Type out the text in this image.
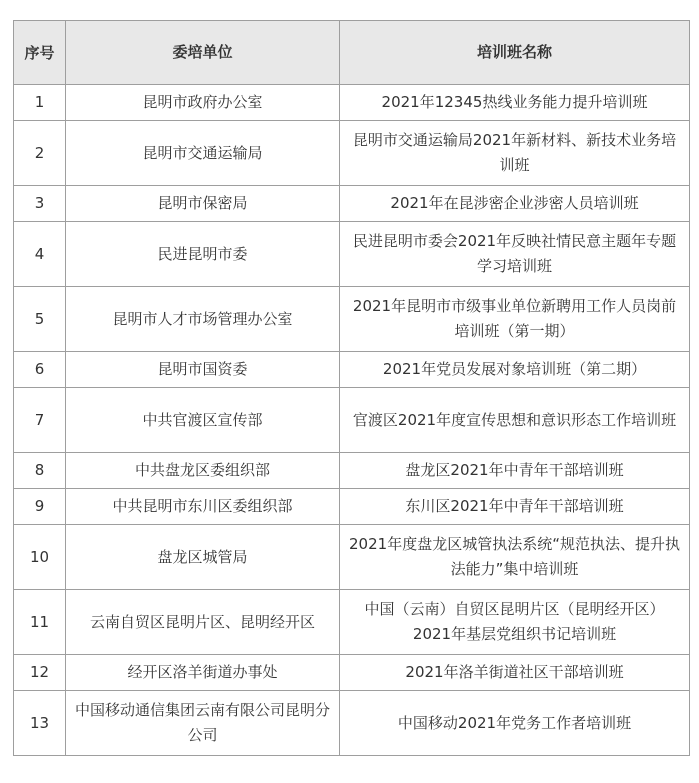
序号	委培单位	培训班名称
1	昆明市政府办公室	2021年12345热线业务能力提升培训班
2	昆明市交通运输局	昆明市交通运输局2021年新材料、新技术业务培训班
3	昆明市保密局	2021年在昆涉密企业涉密人员培训班
4	民进昆明市委	民进昆明市委会2021年反映社情民意主题年专题学习培训班
5	昆明市人才市场管理办公室	2021年昆明市市级事业单位新聘用工作人员岗前培训班（第一期）
6	昆明市国资委	2021年党员发展对象培训班（第二期）
7	中共官渡区宣传部	官渡区2021年度宣传思想和意识形态工作培训班
8	中共盘龙区委组织部	盘龙区2021年中青年干部培训班
9	中共昆明市东川区委组织部	东川区2021年中青年干部培训班
10	盘龙区城管局	2021年度盘龙区城管执法系统“规范执法、提升执法能力”集中培训班
11	云南自贸区昆明片区、昆明经开区	中国（云南）自贸区昆明片区（昆明经开区）2021年基层党组织书记培训班
12	经开区洛羊街道办事处	2021年洛羊街道社区干部培训班
13	中国移动通信集团云南有限公司昆明分公司	中国移动2021年党务工作者培训班
